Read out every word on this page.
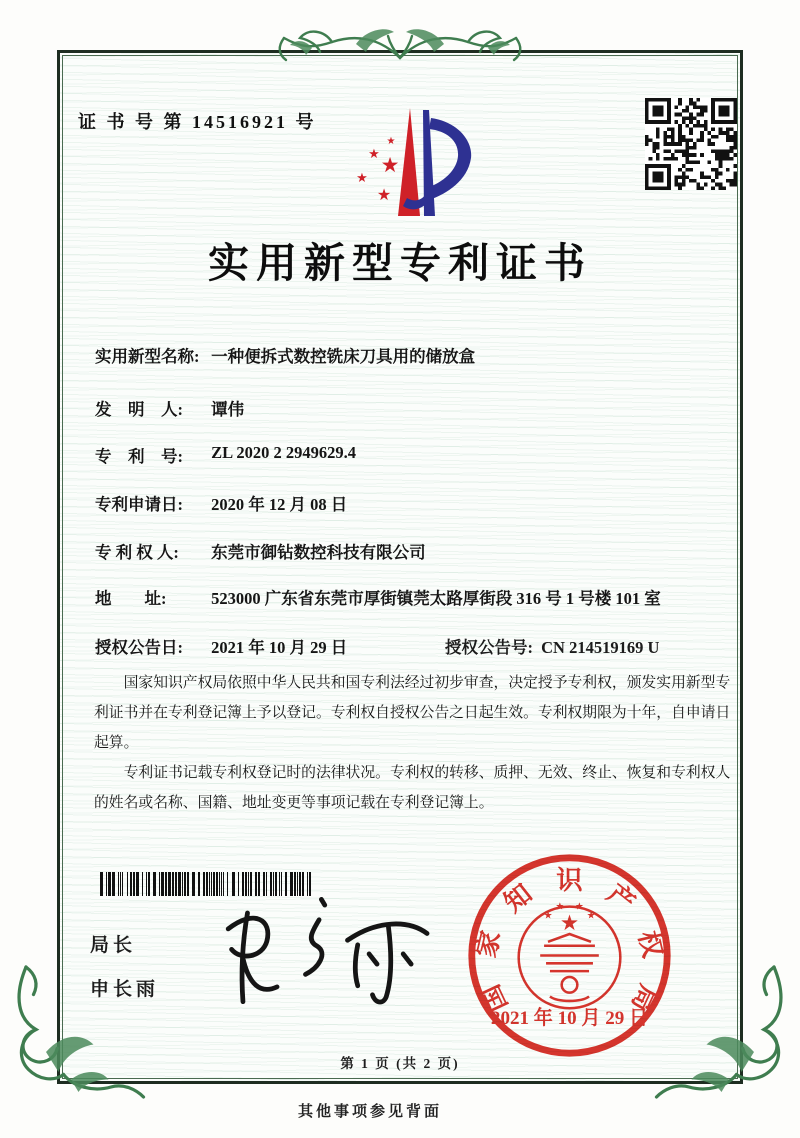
证 书 号 第 14516921 号
★
★ ★
★
★
实用新型专利证书
实用新型名称: 一种便拆式数控铣床刀具用的储放盒
发　明　人: 谭伟
专　利　号: ZL 2020 2 2949629.4
专利申请日: 2020 年 12 月 08 日
专 利 权 人: 东莞市御钻数控科技有限公司
地　　址:	523000 广东省东莞市厚街镇莞太路厚街段 316 号 1 号楼 101 室
授权公告日: 2021 年 10 月 29 日	授权公告号: CN 214519169 U

国家知识产权局依照中华人民共和国专利法经过初步审查，决定授予专利权，颁发实用新型专利证书并在专利登记簿上予以登记。专利权自授权公告之日起生效。专利权期限为十年，自申请日起算。

专利证书记载专利权登记时的法律状况。专利权的转移、质押、无效、终止、恢复和专利权人的姓名或名称、国籍、地址变更等事项记载在专利登记簿上。

局长
申长雨	国
家
知 识 产
权
局
★
★
★ ★
★
2021 年 10 月 29 日
第 1 页 (共 2 页)
其他事项参见背面
